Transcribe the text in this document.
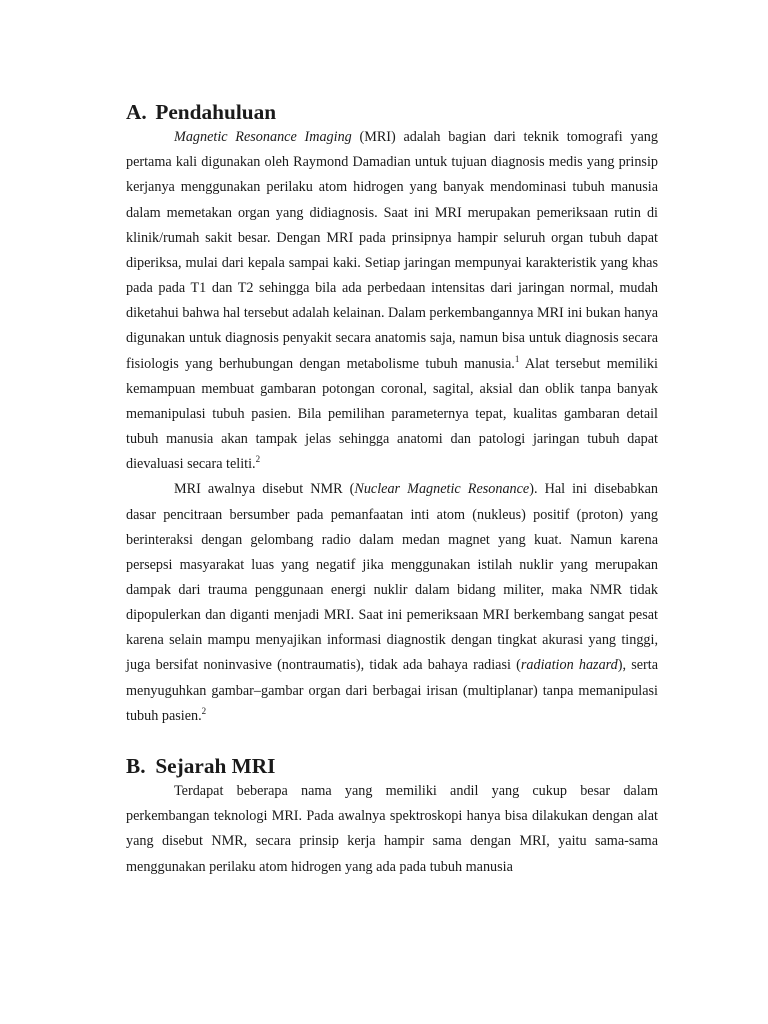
A. Pendahuluan

Magnetic Resonance Imaging (MRI) adalah bagian dari teknik tomografi yang pertama kali digunakan oleh Raymond Damadian untuk tujuan diagnosis medis yang prinsip kerjanya menggunakan perilaku atom hidrogen yang banyak mendominasi tubuh manusia dalam memetakan organ yang didiagnosis. Saat ini MRI merupakan pemeriksaan rutin di klinik/rumah sakit besar. Dengan MRI pada prinsipnya hampir seluruh organ tubuh dapat diperiksa, mulai dari kepala sampai kaki. Setiap jaringan mempunyai karakteristik yang khas pada pada T1 dan T2 sehingga bila ada perbedaan intensitas dari jaringan normal, mudah diketahui bahwa hal tersebut adalah kelainan. Dalam perkembangannya MRI ini bukan hanya digunakan untuk diagnosis penyakit secara anatomis saja, namun bisa untuk diagnosis secara fisiologis yang berhubungan dengan metabolisme tubuh manusia.$^1$ Alat tersebut memiliki kemampuan membuat gambaran potongan coronal, sagital, aksial dan oblik tanpa banyak memanipulasi tubuh pasien. Bila pemilihan parameternya tepat, kualitas gambaran detail tubuh manusia akan tampak jelas sehingga anatomi dan patologi jaringan tubuh dapat dievaluasi secara teliti.$^2$

MRI awalnya disebut NMR (Nuclear Magnetic Resonance). Hal ini disebabkan dasar pencitraan bersumber pada pemanfaatan inti atom (nukleus) positif (proton) yang berinteraksi dengan gelombang radio dalam medan magnet yang kuat. Namun karena persepsi masyarakat luas yang negatif jika menggunakan istilah nuklir yang merupakan dampak dari trauma penggunaan energi nuklir dalam bidang militer, maka NMR tidak dipopulerkan dan diganti menjadi MRI. Saat ini pemeriksaan MRI berkembang sangat pesat karena selain mampu menyajikan informasi diagnostik dengan tingkat akurasi yang tinggi, juga bersifat noninvasive (nontraumatis), tidak ada bahaya radiasi (radiation hazard), serta menyuguhkan gambar–gambar organ dari berbagai irisan (multiplanar) tanpa memanipulasi tubuh pasien.$^2$

B. Sejarah MRI

Terdapat beberapa nama yang memiliki andil yang cukup besar dalam perkembangan teknologi MRI. Pada awalnya spektroskopi hanya bisa dilakukan dengan alat yang disebut NMR, secara prinsip kerja hampir sama dengan MRI, yaitu sama-sama menggunakan perilaku atom hidrogen yang ada pada tubuh manusia
